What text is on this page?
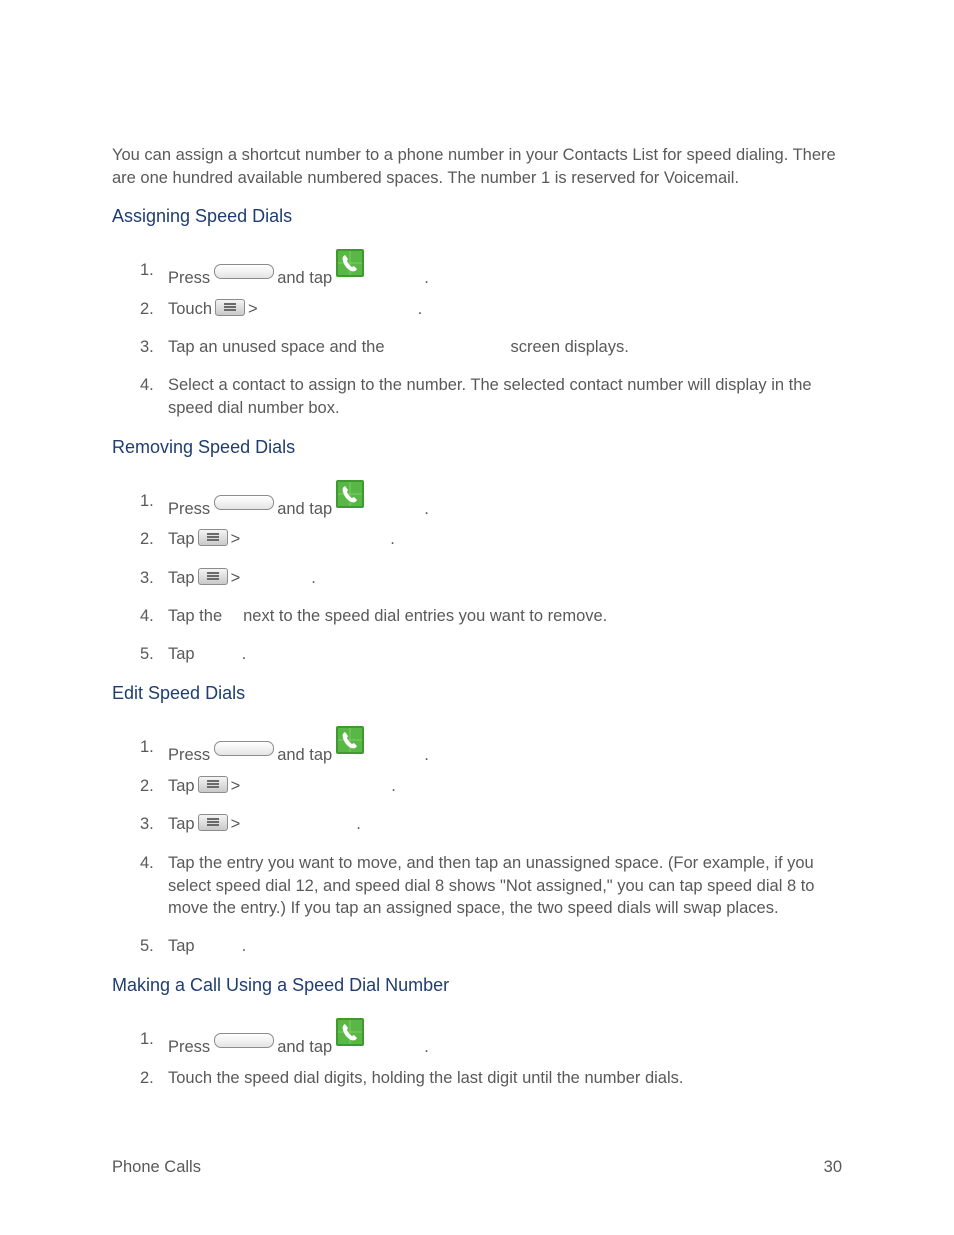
You can assign a shortcut number to a phone number in your Contacts List for speed dialing. There are one hundred available numbered spaces. The number 1 is reserved for Voicemail.
Assigning Speed Dials
1. Press	and tap	.
2. Touch >	.
3. Tap an unused space and the	screen displays.
4. Select a contact to assign to the number. The selected contact number will display in the speed dial number box.
Removing Speed Dials
1. Press	and tap	.
2. Tap >	.
3. Tap >	.
4. Tap the next to the speed dial entries you want to remove.
5. Tap	.
Edit Speed Dials
1. Press	and tap	.
2. Tap >	.
3. Tap >	.
4. Tap the entry you want to move, and then tap an unassigned space. (For example, if you select speed dial 12, and speed dial 8 shows "Not assigned," you can tap speed dial 8 to move the entry.) If you tap an assigned space, the two speed dials will swap places.
5. Tap	.
Making a Call Using a Speed Dial Number
1. Press	and tap	.
2. Touch the speed dial digits, holding the last digit until the number dials.
Phone Calls	30
